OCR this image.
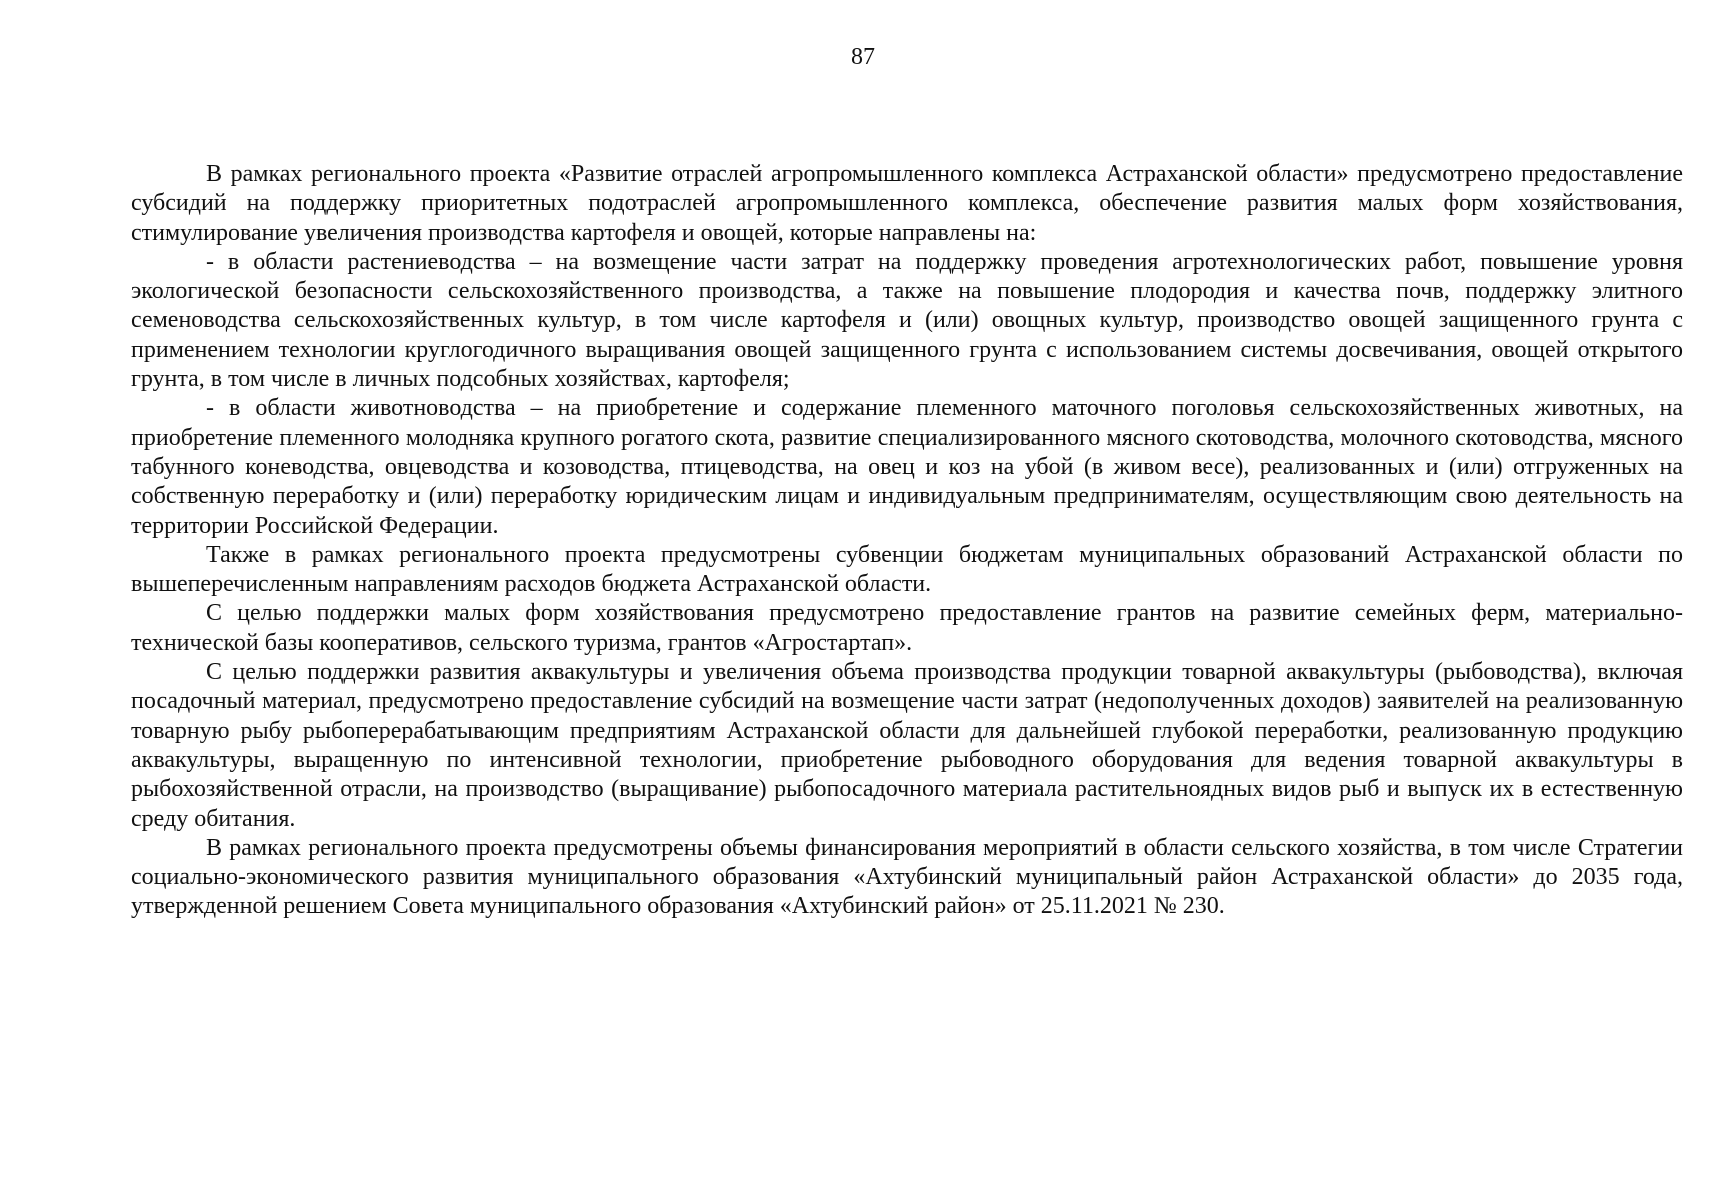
87

В рамках регионального проекта «Развитие отраслей агропромышленного комплекса Астраханской области» предусмотрено предоставление субсидий на поддержку приоритетных подотраслей агропромышленного комплекса, обеспечение развития малых форм хозяйствования, стимулирование увеличения производства картофеля и овощей, которые направлены на:

- в области растениеводства – на возмещение части затрат на поддержку проведения агротехнологических работ, повышение уровня экологической безопасности сельскохозяйственного производства, а также на повышение плодородия и качества почв, поддержку элитного семеноводства сельскохозяйственных культур, в том числе картофеля и (или) овощных культур, производство овощей защищенного грунта с применением технологии круглогодичного выращивания овощей защищенного грунта с использованием системы досвечивания, овощей открытого грунта, в том числе в личных подсобных хозяйствах, картофеля;

- в области животноводства – на приобретение и содержание племенного маточного поголовья сельскохозяйственных животных, на приобретение племенного молодняка крупного рогатого скота, развитие специализированного мясного скотоводства, молочного скотоводства, мясного табунного коневодства, овцеводства и козоводства, птицеводства, на овец и коз на убой (в живом весе), реализованных и (или) отгруженных на собственную переработку и (или) переработку юридическим лицам и индивидуальным предпринимателям, осуществляющим свою деятельность на территории Российской Федерации.

Также в рамках регионального проекта предусмотрены субвенции бюджетам муниципальных образований Астраханской области по вышеперечисленным направлениям расходов бюджета Астраханской области.

С целью поддержки малых форм хозяйствования предусмотрено предоставление грантов на развитие семейных ферм, материально-технической базы кооперативов, сельского туризма, грантов «Агростартап».

С целью поддержки развития аквакультуры и увеличения объема производства продукции товарной аквакультуры (рыбоводства), включая посадочный материал, предусмотрено предоставление субсидий на возмещение части затрат (недополученных доходов) заявителей на реализованную товарную рыбу рыбоперерабатывающим предприятиям Астраханской области для дальнейшей глубокой переработки, реализованную продукцию аквакультуры, выращенную по интенсивной технологии, приобретение рыбоводного оборудования для ведения товарной аквакультуры в рыбохозяйственной отрасли, на производство (выращивание) рыбопосадочного материала растительноядных видов рыб и выпуск их в естественную среду обитания.

В рамках регионального проекта предусмотрены объемы финансирования мероприятий в области сельского хозяйства, в том числе Стратегии социально-экономического развития муниципального образования «Ахтубинский муниципальный район Астраханской области» до 2035 года, утвержденной решением Совета муниципального образования «Ахтубинский район» от 25.11.2021 № 230.
